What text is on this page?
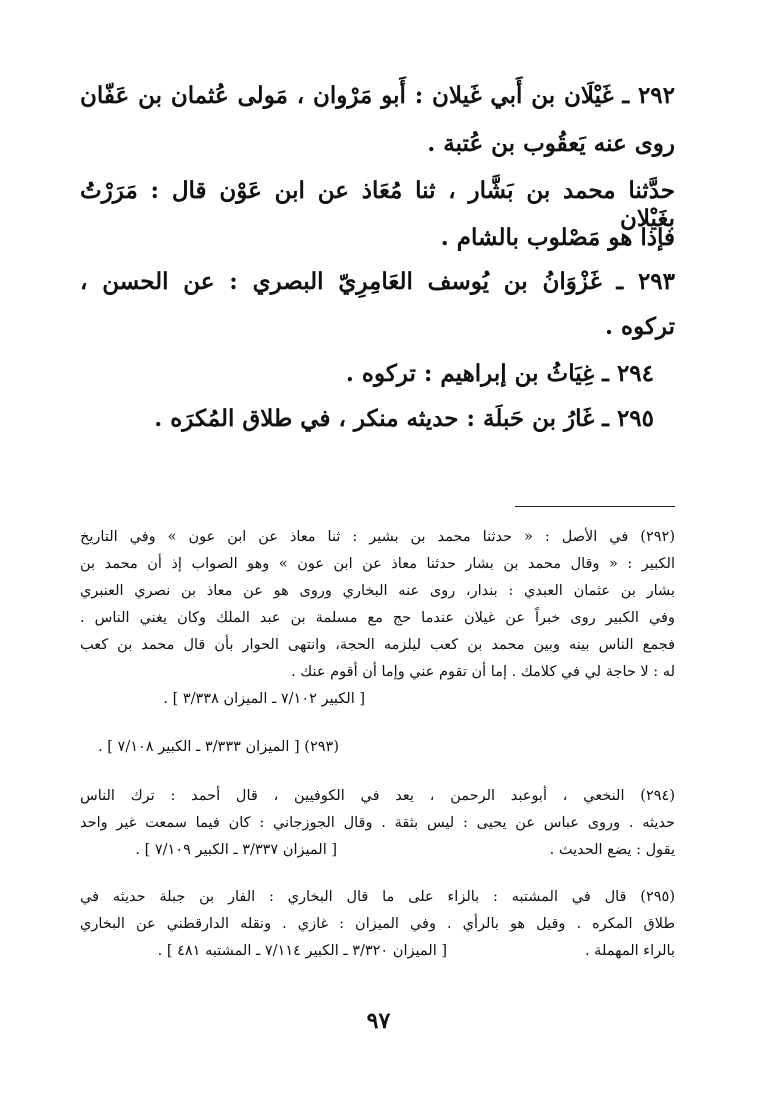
٢٩٢ ـ غَيْلَان بن أَبي غَيلان : أَبو مَرْوان ، مَولى عُثمان بن عَفّان
روى عنه يَعقُوب بن عُتبة .
حدَّثنا محمد بن بَشَّار ، ثنا مُعَاذ عن ابن عَوْن قال : مَرَرْتُ بغَيْلان
فإذا هو مَصْلوب بالشام .
٢٩٣ ـ غَزْوَانُ بن يُوسف العَامِرِيّ البصري : عن الحسن ،
تركوه .
٢٩٤ ـ غِيَاثُ بن إبراهيم : تركوه .
٢٩٥ ـ غَارُ بن حَبلَة : حديثه منكر ، في طلاق المُكرَه .
(٢٩٢) في الأصل : « حدثنا محمد بن بشير : ثنا معاذ عن ابن عون » وفي التاريخ
الكبير : « وقال محمد بن بشار حدثنا معاذ عن ابن عون » وهو الصواب إذ أن محمد بن
بشار بن عثمان العبدي : بندار، روى عنه البخاري وروى هو عن معاذ بن نصري العنبري
وفي الكبير روى خبراً عن غيلان عندما حج مع مسلمة بن عبد الملك وكان يغني الناس .
فجمع الناس بينه وبين محمد بن كعب ليلزمه الحجة، وانتهى الحوار بأن قال محمد بن كعب
له : لا حاجة لي في كلامك . إما أن تقوم عني وإما أن أقوم عنك .
[ الكبير ٧/١٠٢ ـ الميزان ٣/٣٣٨ ] .
(٢٩٣) [ الميزان ٣/٣٣٣ ـ الكبير ٧/١٠٨ ] .
(٢٩٤) النخعي ، أبوعبد الرحمن ، يعد في الكوفيين ، قال أحمد : ترك الناس
حديثه . وروى عباس عن يحيى : ليس بثقة . وقال الجوزجاني : كان فيما سمعت غير واحد
يقول : يضع الحديث .
[ الميزان ٣/٣٣٧ ـ الكبير ٧/١٠٩ ] .
(٢٩٥) قال في المشتبه : بالزاء على ما قال البخاري : الفار بن جبلة حديثه في
طلاق المكره . وقيل هو بالرأي . وفي الميزان : غازي . ونقله الدارقطني عن البخاري
بالراء المهملة .
[ الميزان ٣/٣٢٠ ـ الكبير ٧/١١٤ ـ المشتبه ٤٨١ ] .
٩٧
